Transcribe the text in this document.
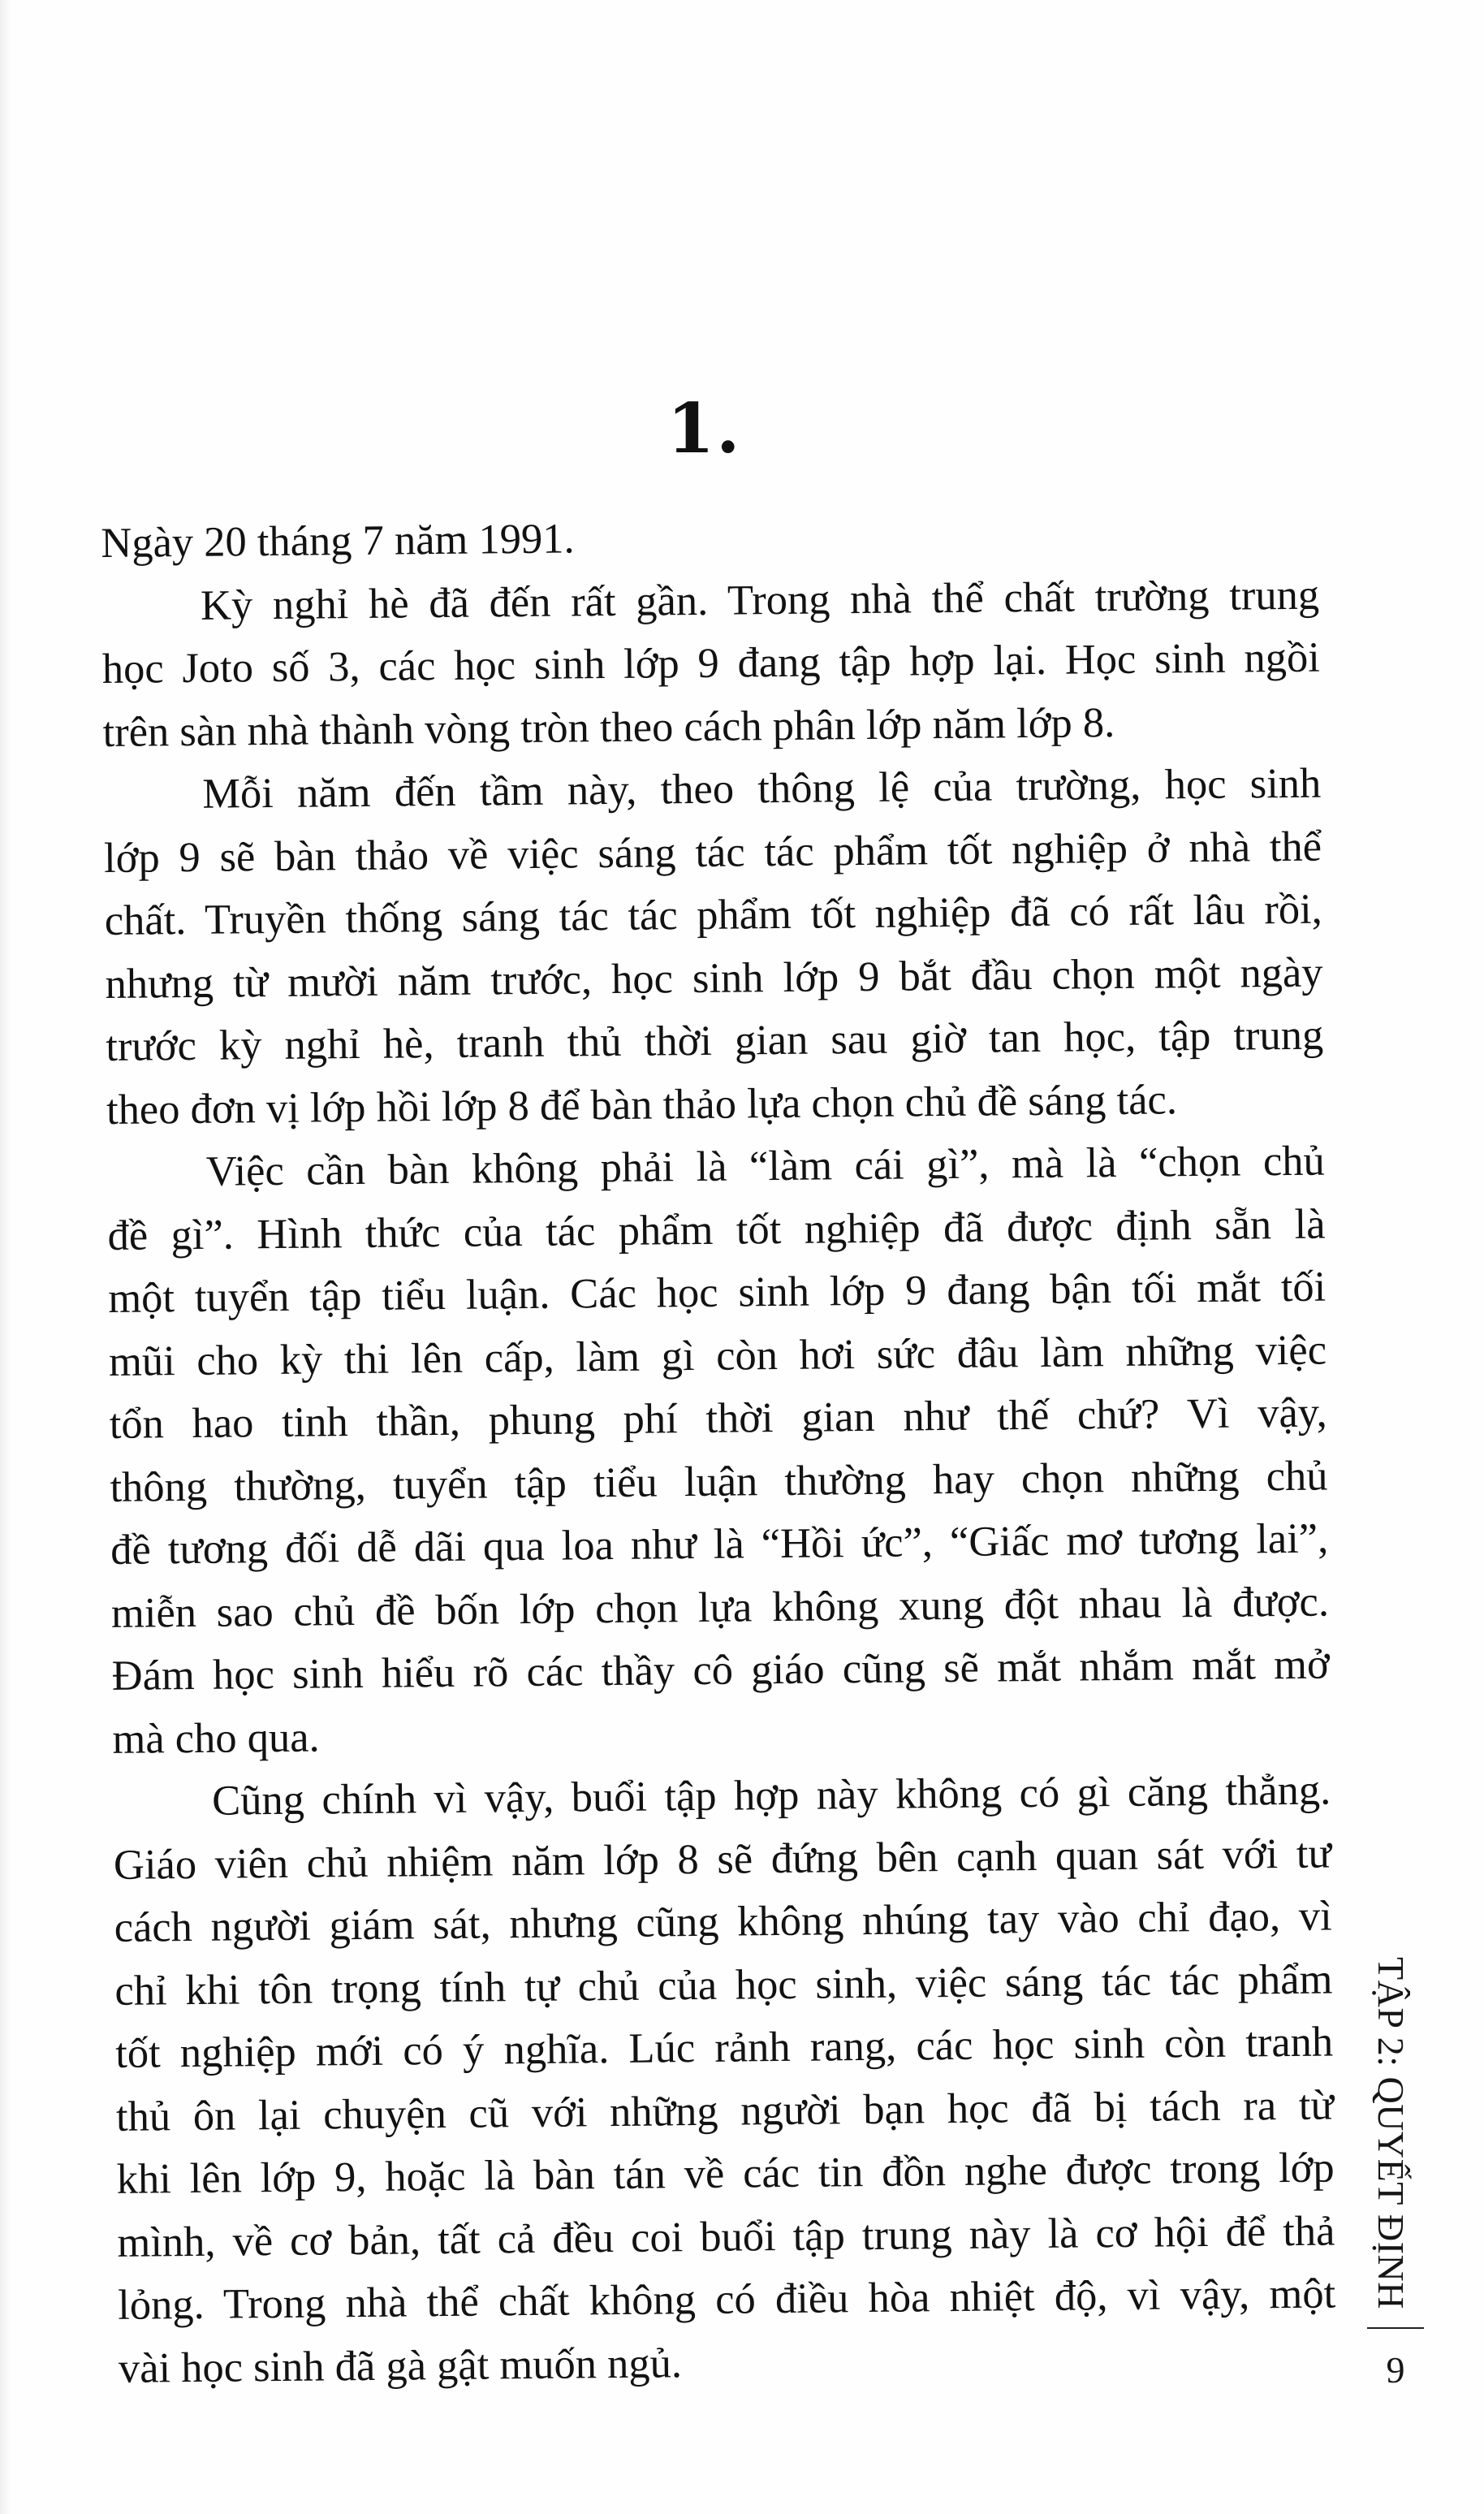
1.
Ngày 20 tháng 7 năm 1991.
Kỳ nghỉ hè đã đến rất gần. Trong nhà thể chất trường trung
học Joto số 3, các học sinh lớp 9 đang tập hợp lại. Học sinh ngồi
trên sàn nhà thành vòng tròn theo cách phân lớp năm lớp 8.
Mỗi năm đến tầm này, theo thông lệ của trường, học sinh
lớp 9 sẽ bàn thảo về việc sáng tác tác phẩm tốt nghiệp ở nhà thể
chất. Truyền thống sáng tác tác phẩm tốt nghiệp đã có rất lâu rồi,
nhưng từ mười năm trước, học sinh lớp 9 bắt đầu chọn một ngày
trước kỳ nghỉ hè, tranh thủ thời gian sau giờ tan học, tập trung
theo đơn vị lớp hồi lớp 8 để bàn thảo lựa chọn chủ đề sáng tác.
Việc cần bàn không phải là “làm cái gì”, mà là “chọn chủ
đề gì”. Hình thức của tác phẩm tốt nghiệp đã được định sẵn là
một tuyển tập tiểu luận. Các học sinh lớp 9 đang bận tối mắt tối
mũi cho kỳ thi lên cấp, làm gì còn hơi sức đâu làm những việc
tổn hao tinh thần, phung phí thời gian như thế chứ? Vì vậy,
thông thường, tuyển tập tiểu luận thường hay chọn những chủ
đề tương đối dễ dãi qua loa như là “Hồi ức”, “Giấc mơ tương lai”,
miễn sao chủ đề bốn lớp chọn lựa không xung đột nhau là được.
Đám học sinh hiểu rõ các thầy cô giáo cũng sẽ mắt nhắm mắt mở
mà cho qua.
Cũng chính vì vậy, buổi tập hợp này không có gì căng thẳng.
Giáo viên chủ nhiệm năm lớp 8 sẽ đứng bên cạnh quan sát với tư
cách người giám sát, nhưng cũng không nhúng tay vào chỉ đạo, vì
chỉ khi tôn trọng tính tự chủ của học sinh, việc sáng tác tác phẩm
tốt nghiệp mới có ý nghĩa. Lúc rảnh rang, các học sinh còn tranh
thủ ôn lại chuyện cũ với những người bạn học đã bị tách ra từ
khi lên lớp 9, hoặc là bàn tán về các tin đồn nghe được trong lớp
mình, về cơ bản, tất cả đều coi buổi tập trung này là cơ hội để thả
lỏng. Trong nhà thể chất không có điều hòa nhiệt độ, vì vậy, một
vài học sinh đã gà gật muốn ngủ.
TẬP 2: QUYẾT ĐỊNH
9
